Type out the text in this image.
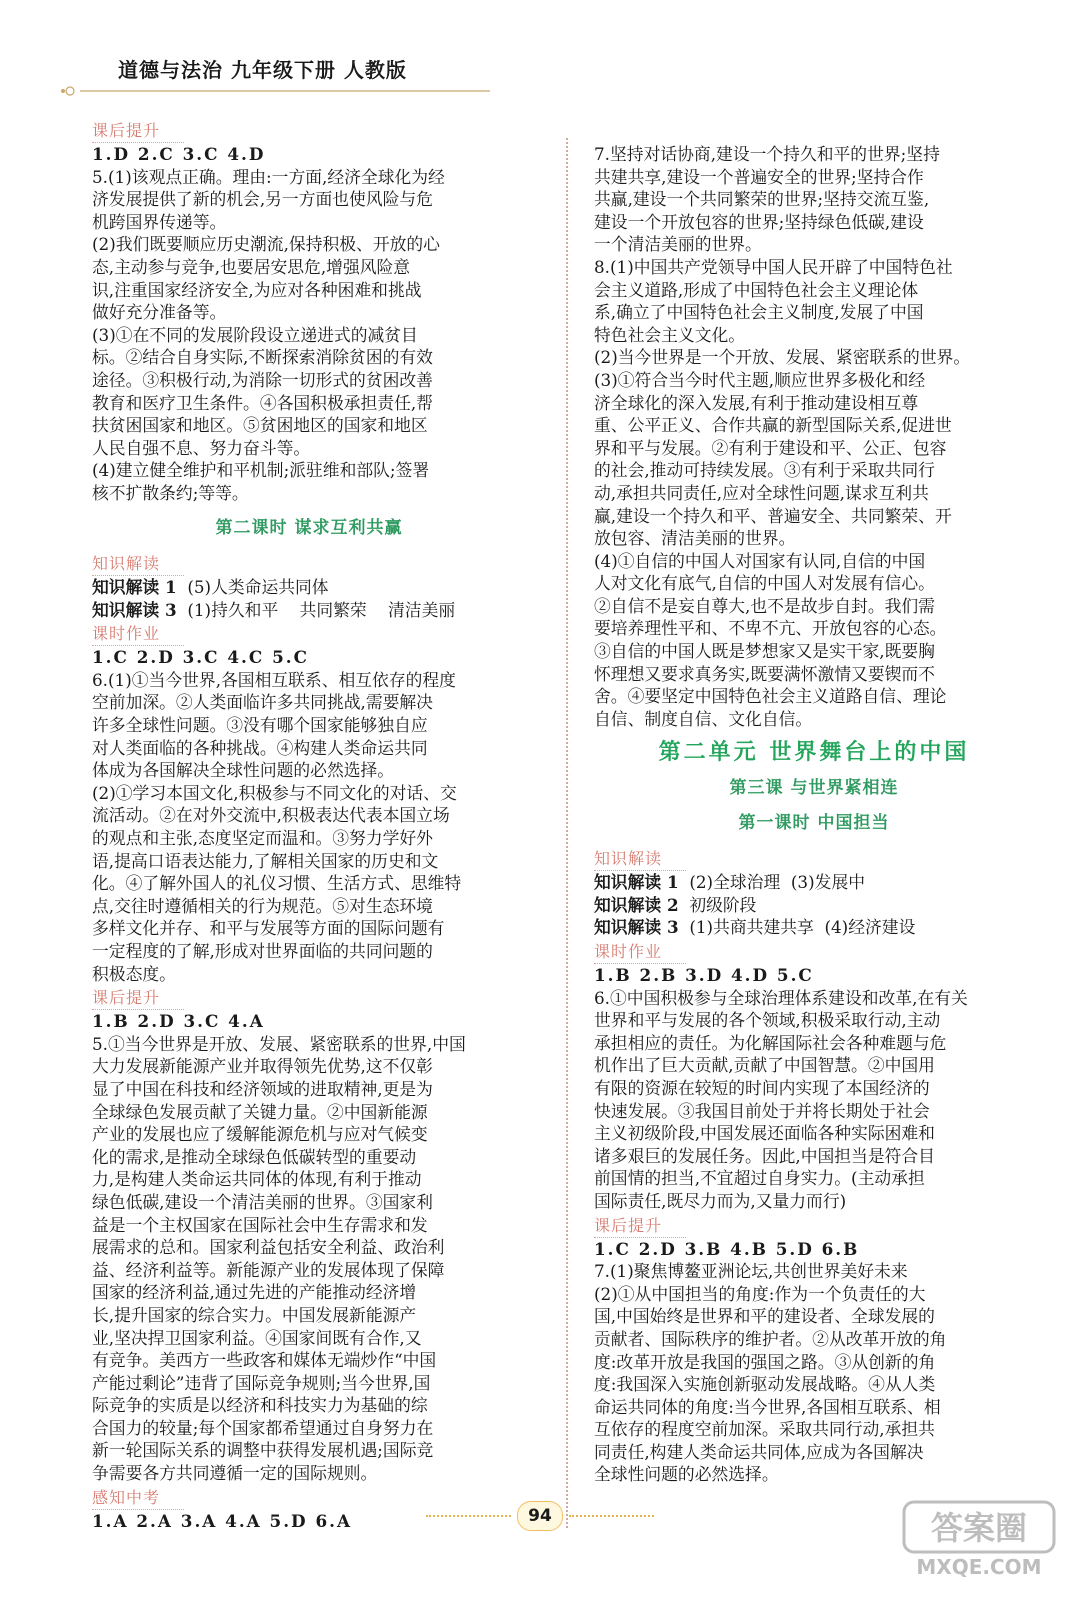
道德与法治 九年级下册 人教版
课后提升
1.D 2.C 3.C 4.D
5.(1)该观点正确。理由:一方面,经济全球化为经
济发展提供了新的机会,另一方面也使风险与危
机跨国界传递等。
(2)我们既要顺应历史潮流,保持积极、开放的心
态,主动参与竞争,也要居安思危,增强风险意
识,注重国家经济安全,为应对各种困难和挑战
做好充分准备等。
(3)①在不同的发展阶段设立递进式的减贫目
标。②结合自身实际,不断探索消除贫困的有效
途径。③积极行动,为消除一切形式的贫困改善
教育和医疗卫生条件。④各国积极承担责任,帮
扶贫困国家和地区。⑤贫困地区的国家和地区
人民自强不息、努力奋斗等。
(4)建立健全维护和平机制;派驻维和部队;签署
核不扩散条约;等等。
第二课时 谋求互利共赢
知识解读
知识解读 1  (5)人类命运共同体
知识解读 3  (1)持久和平    共同繁荣    清洁美丽
课时作业
1.C 2.D 3.C 4.C 5.C
6.(1)①当今世界,各国相互联系、相互依存的程度
空前加深。②人类面临许多共同挑战,需要解决
许多全球性问题。③没有哪个国家能够独自应
对人类面临的各种挑战。④构建人类命运共同
体成为各国解决全球性问题的必然选择。
(2)①学习本国文化,积极参与不同文化的对话、交
流活动。②在对外交流中,积极表达代表本国立场
的观点和主张,态度坚定而温和。③努力学好外
语,提高口语表达能力,了解相关国家的历史和文
化。④了解外国人的礼仪习惯、生活方式、思维特
点,交往时遵循相关的行为规范。⑤对生态环境
多样文化并存、和平与发展等方面的国际问题有
一定程度的了解,形成对世界面临的共同问题的
积极态度。
课后提升
1.B 2.D 3.C 4.A
5.①当今世界是开放、发展、紧密联系的世界,中国
大力发展新能源产业并取得领先优势,这不仅彰
显了中国在科技和经济领域的进取精神,更是为
全球绿色发展贡献了关键力量。②中国新能源
产业的发展也应了缓解能源危机与应对气候变
化的需求,是推动全球绿色低碳转型的重要动
力,是构建人类命运共同体的体现,有利于推动
绿色低碳,建设一个清洁美丽的世界。③国家利
益是一个主权国家在国际社会中生存需求和发
展需求的总和。国家利益包括安全利益、政治利
益、经济利益等。新能源产业的发展体现了保障
国家的经济利益,通过先进的产能推动经济增
长,提升国家的综合实力。中国发展新能源产
业,坚决捍卫国家利益。④国家间既有合作,又
有竞争。美西方一些政客和媒体无端炒作“中国
产能过剩论”违背了国际竞争规则;当今世界,国
际竞争的实质是以经济和科技实力为基础的综
合国力的较量;每个国家都希望通过自身努力在
新一轮国际关系的调整中获得发展机遇;国际竞
争需要各方共同遵循一定的国际规则。
感知中考
1.A 2.A 3.A 4.A 5.D 6.A
7.坚持对话协商,建设一个持久和平的世界;坚持
共建共享,建设一个普遍安全的世界;坚持合作
共赢,建设一个共同繁荣的世界;坚持交流互鉴,
建设一个开放包容的世界;坚持绿色低碳,建设
一个清洁美丽的世界。
8.(1)中国共产党领导中国人民开辟了中国特色社
会主义道路,形成了中国特色社会主义理论体
系,确立了中国特色社会主义制度,发展了中国
特色社会主义文化。
(2)当今世界是一个开放、发展、紧密联系的世界。
(3)①符合当今时代主题,顺应世界多极化和经
济全球化的深入发展,有利于推动建设相互尊
重、公平正义、合作共赢的新型国际关系,促进世
界和平与发展。②有利于建设和平、公正、包容
的社会,推动可持续发展。③有利于采取共同行
动,承担共同责任,应对全球性问题,谋求互利共
赢,建设一个持久和平、普遍安全、共同繁荣、开
放包容、清洁美丽的世界。
(4)①自信的中国人对国家有认同,自信的中国
人对文化有底气,自信的中国人对发展有信心。
②自信不是妄自尊大,也不是故步自封。我们需
要培养理性平和、不卑不亢、开放包容的心态。
③自信的中国人既是梦想家又是实干家,既要胸
怀理想又要求真务实,既要满怀激情又要锲而不
舍。④要坚定中国特色社会主义道路自信、理论
自信、制度自信、文化自信。
第二单元 世界舞台上的中国
第三课 与世界紧相连
第一课时 中国担当
知识解读
知识解读 1  (2)全球治理  (3)发展中
知识解读 2  初级阶段
知识解读 3  (1)共商共建共享  (4)经济建设
课时作业
1.B 2.B 3.D 4.D 5.C
6.①中国积极参与全球治理体系建设和改革,在有关
世界和平与发展的各个领域,积极采取行动,主动
承担相应的责任。为化解国际社会各种难题与危
机作出了巨大贡献,贡献了中国智慧。②中国用
有限的资源在较短的时间内实现了本国经济的
快速发展。③我国目前处于并将长期处于社会
主义初级阶段,中国发展还面临各种实际困难和
诸多艰巨的发展任务。因此,中国担当是符合目
前国情的担当,不宜超过自身实力。(主动承担
国际责任,既尽力而为,又量力而行)
课后提升
1.C 2.D 3.B 4.B 5.D 6.B
7.(1)聚焦博鳌亚洲论坛,共创世界美好未来
(2)①从中国担当的角度:作为一个负责任的大
国,中国始终是世界和平的建设者、全球发展的
贡献者、国际秩序的维护者。②从改革开放的角
度:改革开放是我国的强国之路。③从创新的角
度:我国深入实施创新驱动发展战略。④从人类
命运共同体的角度:当今世界,各国相互联系、相
互依存的程度空前加深。采取共同行动,承担共
同责任,构建人类命运共同体,应成为各国解决
全球性问题的必然选择。
94	答案圈
MXQE.COM
